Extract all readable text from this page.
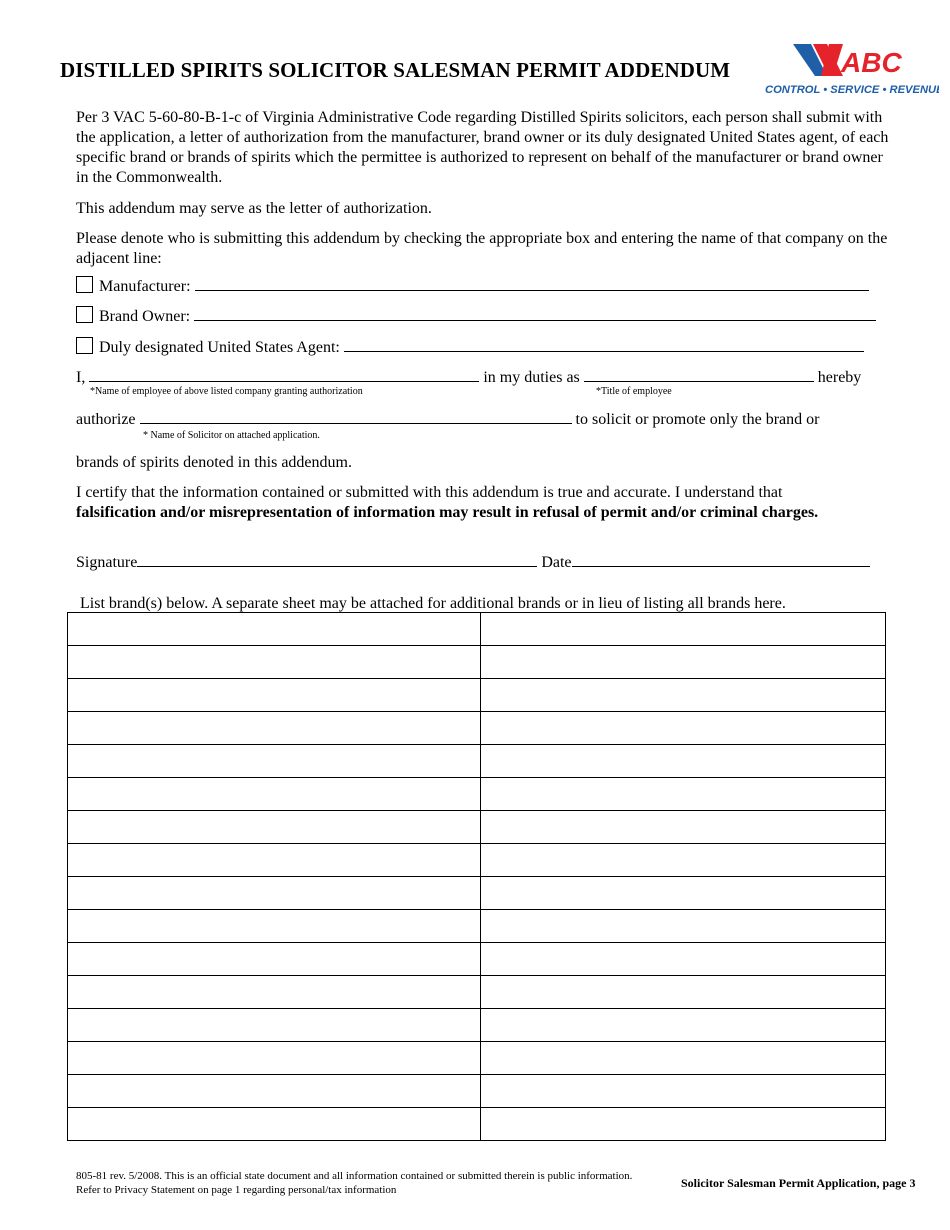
DISTILLED SPIRITS SOLICITOR SALESMAN PERMIT ADDENDUM	ABC
CONTROL • SERVICE • REVENUE
Per 3 VAC 5-60-80-B-1-c of Virginia Administrative Code regarding Distilled Spirits solicitors, each person shall submit with the application, a letter of authorization from the manufacturer, brand owner or its duly designated United States agent, of each specific brand or brands of spirits which the permittee is authorized to represent on behalf of the manufacturer or brand owner in the Commonwealth.
This addendum may serve as the letter of authorization.
Please denote who is submitting this addendum by checking the appropriate box and entering the name of that company on the adjacent line:
Manufacturer:
Brand Owner:
Duly designated United States Agent:
I,	in my duties as	hereby
*Name of employee of above listed company granting authorization	*Title of employee
authorize	to solicit or promote only the brand or
* Name of Solicitor on attached application.
brands of spirits denoted in this addendum.
I certify that the information contained or submitted with this addendum is true and accurate. I understand that
falsification and/or misrepresentation of information may result in refusal of permit and/or criminal charges.
Signature	Date
List brand(s) below. A separate sheet may be attached for additional brands or in lieu of listing all brands here.

805-81 rev. 5/2008. This is an official state document and all information contained or submitted therein is public information.
Refer to Privacy Statement on page 1 regarding personal/tax information	Solicitor Salesman Permit Application, page 3
